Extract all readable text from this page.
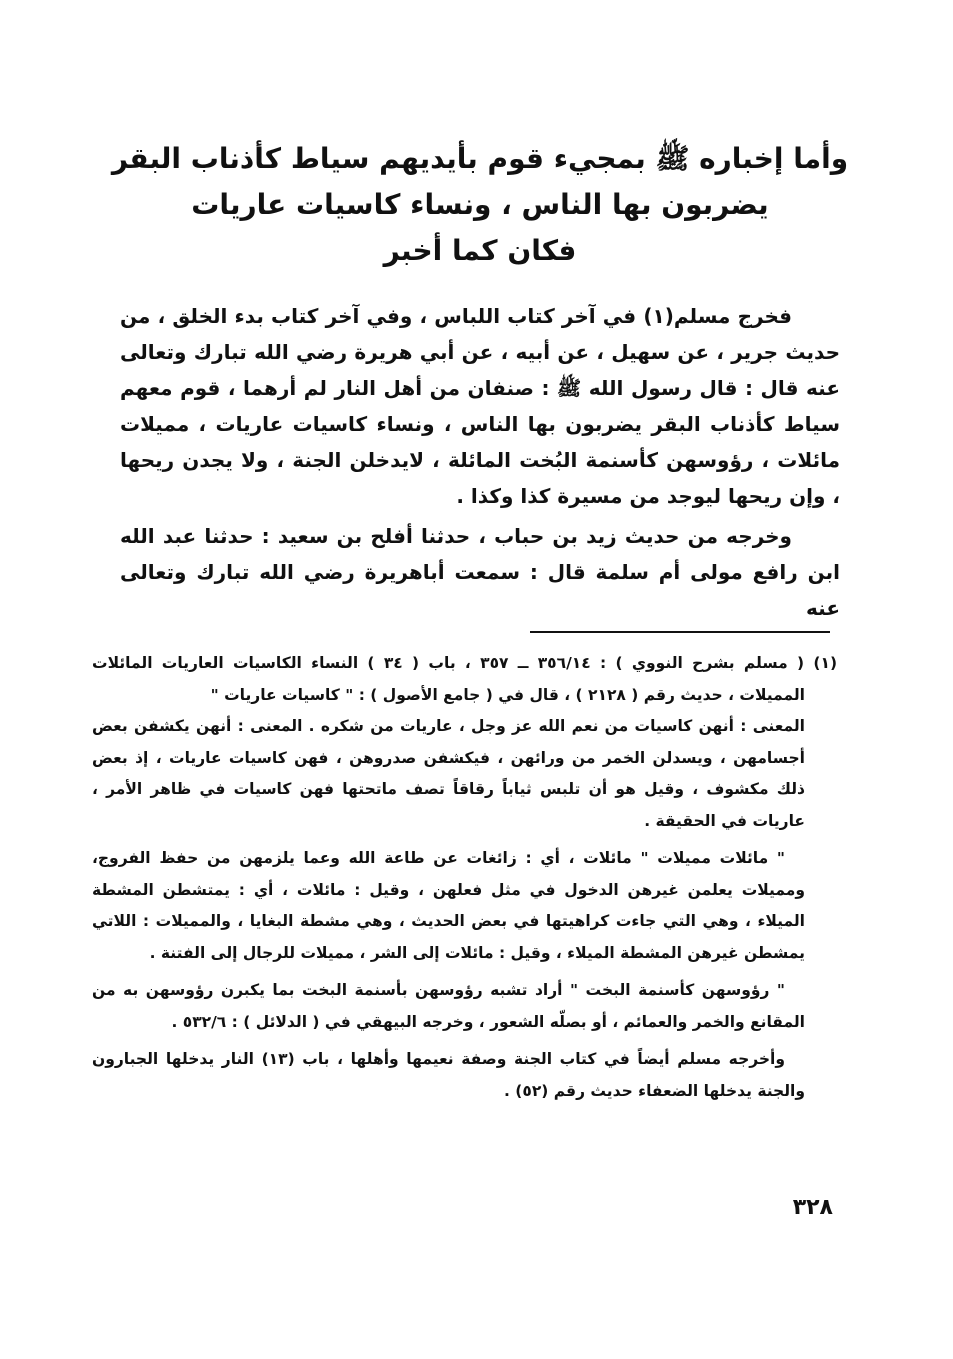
وأما إخباره ﷺ بمجيء قوم بأيديهم سياط كأذناب البقر
يضربون بها الناس ، ونساء كاسيات عاريات
فكان كما أخبر

فخرج مسلم(١) في آخر كتاب اللباس ، وفي آخر كتاب بدء الخلق ، من حديث جرير ، عن سهيل ، عن أبيه ، عن أبي هريرة رضي الله تبارك وتعالى عنه قال : قال رسول الله ﷺ : صنفان من أهل النار لم أرهما ، قوم معهم سياط كأذناب البقر يضربون بها الناس ، ونساء كاسيات عاريات ، مميلات مائلات ، رؤوسهن كأسنمة البُخت المائلة ، لايدخلن الجنة ، ولا يجدن ريحها ، وإن ريحها ليوجد من مسيرة كذا وكذا .

وخرجه من حديث زيد بن حباب ، حدثنا أفلح بن سعيد : حدثنا عبد الله ابن رافع مولى أم سلمة قال : سمعت أباهريرة رضي الله تبارك وتعالى عنه

(١) ( مسلم بشرح النووي ) : ٣٥٦/١٤ ــ ٣٥٧ ، باب ( ٣٤ ) النساء الكاسيات العاريات المائلات المميلات ، حديث رقم ( ٢١٢٨ ) ، قال في ( جامع الأصول ) : " كاسيات عاريات "

المعنى : أنهن كاسيات من نعم الله عز وجل ، عاريات من شكره . المعنى : أنهن يكشفن بعض أجسامهن ، ويسدلن الخمر من ورائهن ، فيكشفن صدروهن ، فهن كاسيات عاريات ، إذ بعض ذلك مكشوف ، وقيل هو أن تلبس ثياباً رقاقاً تصف ماتحتها فهن كاسيات في ظاهر الأمر ، عاريات في الحقيقة .

" مائلات مميلات " مائلات ، أي : زائغات عن طاعة الله وعما يلزمهن من حفظ الفروج، ومميلات يعلمن غيرهن الدخول في مثل فعلهن ، وقيل : مائلات ، أي : يمتشطن المشطة الميلاء ، وهي التي جاءت كراهيتها في بعض الحديث ، وهي مشطة البغايا ، والمميلات : اللاتي يمشطن غيرهن المشطة الميلاء ، وقيل : مائلات إلى الشر ، مميلات للرجال إلى الفتنة .

" رؤوسهن كأسنمة البخت " أراد تشبه رؤوسهن بأسنمة البخت بما يكبرن رؤوسهن به من المقانع والخمر والعمائم ، أو بصلّه الشعور ، وخرجه البيهقي في ( الدلائل ) : ٥٣٢/٦ .

وأخرجه مسلم أيضاً في كتاب الجنة وصفة نعيمها وأهلها ، باب (١٣) النار يدخلها الجبارون والجنة يدخلها الضعفاء حديث رقم (٥٢) .

٣٢٨
